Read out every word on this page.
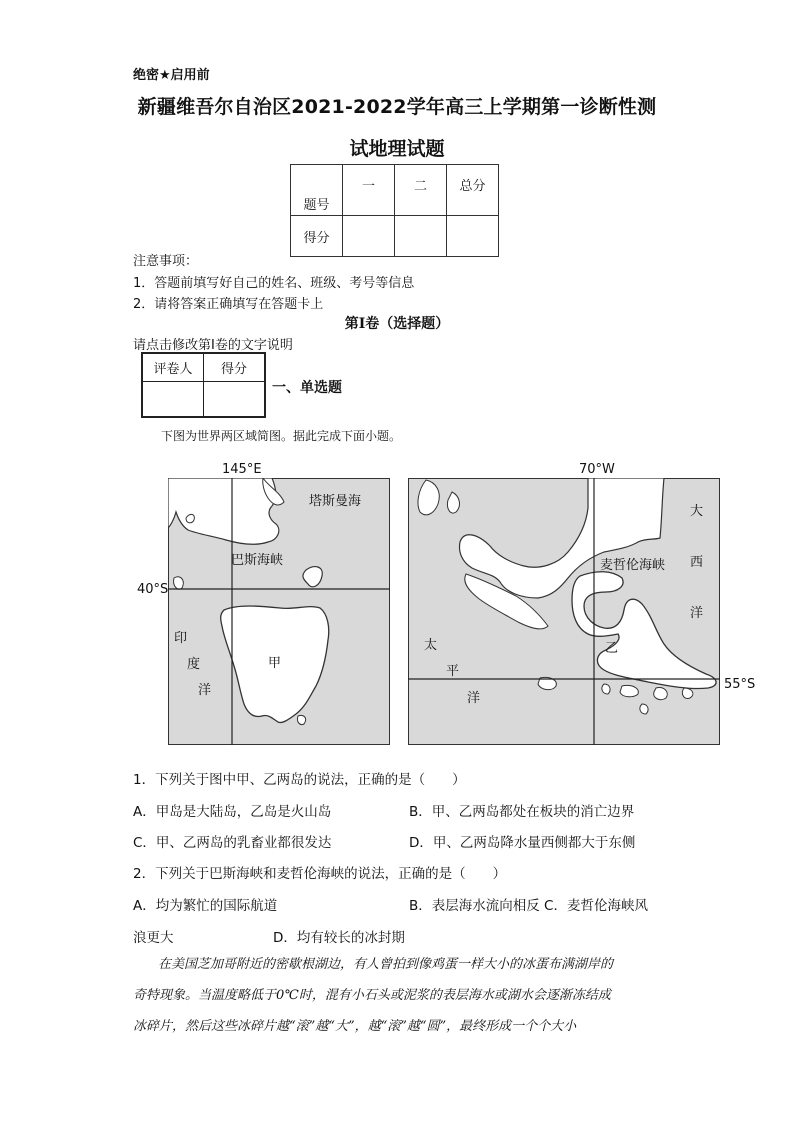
绝密★启用前
新疆维吾尔自治区2021-2022学年高三上学期第一诊断性测
试地理试题
题号	一	二	总分
得分			
注意事项：
1．答题前填写好自己的姓名、班级、考号等信息
2．请将答案正确填写在答题卡上
第I卷（选择题）
请点击修改第I卷的文字说明
评卷人	得分

一、单选题
下图为世界两区域简图。据此完成下面小题。
145°E
40°S
塔斯曼海
巴斯海峡
甲
印
度
洋
70°W
55°S
大
西
洋
麦哲伦海峡
乙
太
平
洋
1．下列关于图中甲、乙两岛的说法，正确的是（　　）
A．甲岛是大陆岛，乙岛是火山岛	B．甲、乙两岛都处在板块的消亡边界
C．甲、乙两岛的乳畜业都很发达	D．甲、乙两岛降水量西侧都大于东侧
2．下列关于巴斯海峡和麦哲伦海峡的说法，正确的是（　　）
A．均为繁忙的国际航道	B．表层海水流向相反 C．麦哲伦海峡风
浪更大	D．均有较长的冰封期
在美国芝加哥附近的密歇根湖边，有人曾拍到像鸡蛋一样大小的冰蛋布满湖岸的
奇特现象。当温度略低于0℃时，混有小石头或泥浆的表层海水或湖水会逐渐冻结成
冰碎片，然后这些冰碎片越“滚”越“大”，越“滚”越“圆”，最终形成一个个大小
